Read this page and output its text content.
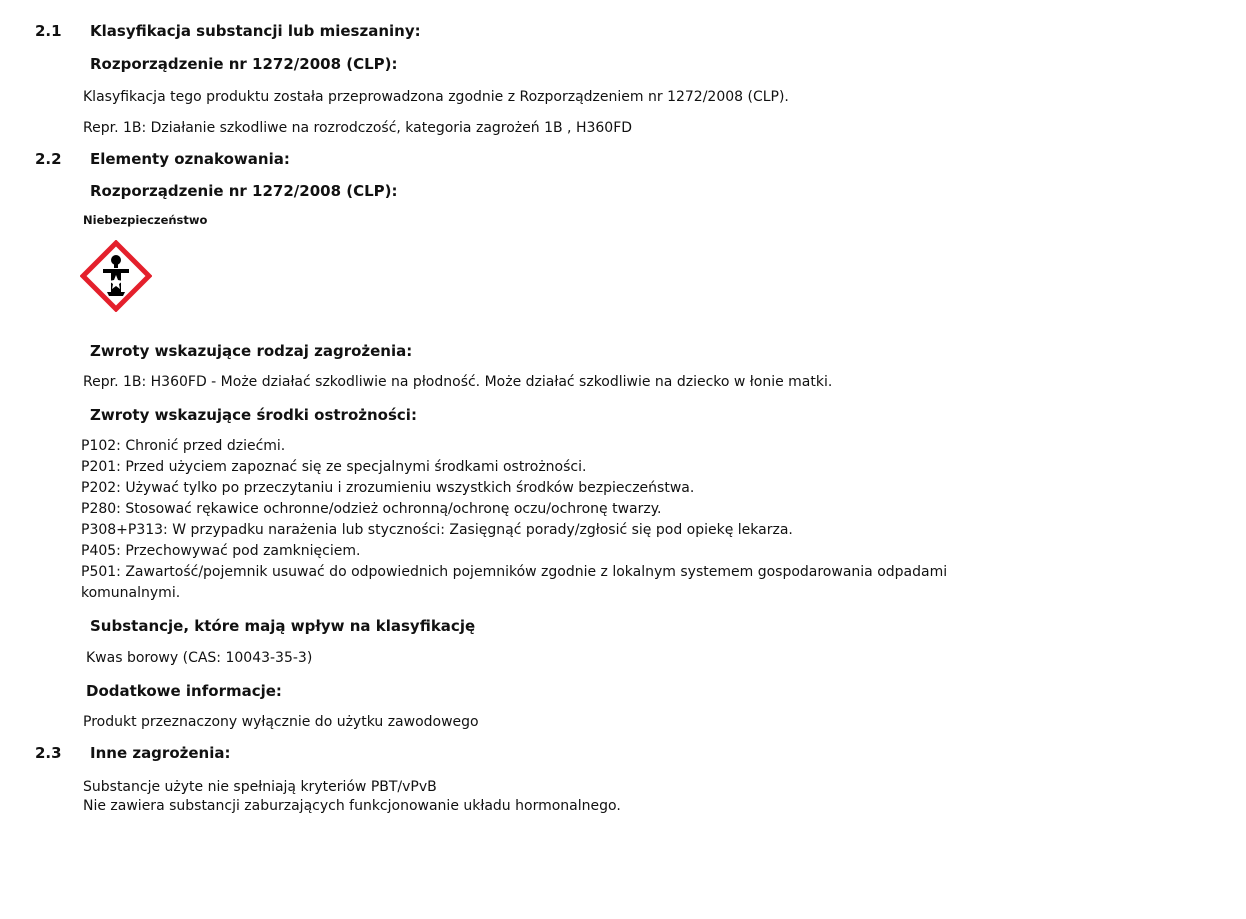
2.1 Klasyfikacja substancji lub mieszaniny:
Rozporządzenie nr 1272/2008 (CLP):
Klasyfikacja tego produktu została przeprowadzona zgodnie z Rozporządzeniem nr 1272/2008 (CLP).
Repr. 1B: Działanie szkodliwe na rozrodczość, kategoria zagrożeń 1B , H360FD
2.2 Elementy oznakowania:
Rozporządzenie nr 1272/2008 (CLP):
Niebezpieczeństwo
Zwroty wskazujące rodzaj zagrożenia:
Repr. 1B: H360FD - Może działać szkodliwie na płodność. Może działać szkodliwie na dziecko w łonie matki.
Zwroty wskazujące środki ostrożności:
P102: Chronić przed dziećmi.
P201: Przed użyciem zapoznać się ze specjalnymi środkami ostrożności.
P202: Używać tylko po przeczytaniu i zrozumieniu wszystkich środków bezpieczeństwa.
P280: Stosować rękawice ochronne/odzież ochronną/ochronę oczu/ochronę twarzy.
P308+P313: W przypadku narażenia lub styczności: Zasięgnąć porady/zgłosić się pod opiekę lekarza.
P405: Przechowywać pod zamknięciem.
P501: Zawartość/pojemnik usuwać do odpowiednich pojemników zgodnie z lokalnym systemem gospodarowania odpadami
komunalnymi.
Substancje, które mają wpływ na klasyfikację
Kwas borowy (CAS: 10043-35-3)
Dodatkowe informacje:
Produkt przeznaczony wyłącznie do użytku zawodowego
2.3 Inne zagrożenia:
Substancje użyte nie spełniają kryteriów PBT/vPvB
Nie zawiera substancji zaburzających funkcjonowanie układu hormonalnego.
